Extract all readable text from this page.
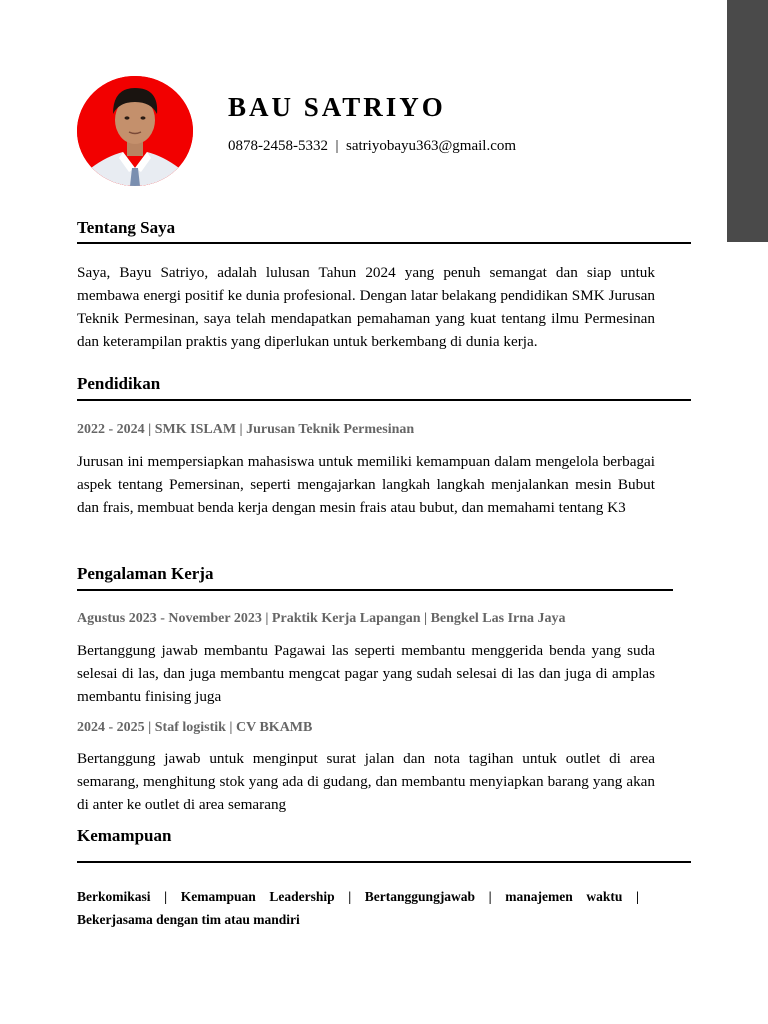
BAU SATRIYO
0878-2458-5332  |  satriyobayu363@gmail.com
Tentang Saya

Saya, Bayu Satriyo, adalah lulusan Tahun 2024 yang penuh semangat dan siap untuk membawa energi positif ke dunia profesional. Dengan latar belakang pendidikan SMK Jurusan Teknik Permesinan, saya telah mendapatkan pemahaman yang kuat tentang ilmu Permesinan dan keterampilan praktis yang diperlukan untuk berkembang di dunia kerja.

Pendidikan
2022 - 2024 | SMK ISLAM | Jurusan Teknik Permesinan

Jurusan ini mempersiapkan mahasiswa untuk memiliki kemampuan dalam mengelola berbagai aspek tentang Pemersinan, seperti mengajarkan langkah langkah menjalankan mesin Bubut dan frais, membuat benda kerja dengan mesin frais atau bubut, dan memahami tentang K3

Pengalaman Kerja
Agustus 2023 - November 2023 | Praktik Kerja Lapangan | Bengkel Las Irna Jaya

Bertanggung jawab membantu Pagawai las seperti membantu menggerida benda yang suda selesai di las, dan juga membantu mengcat pagar yang sudah selesai di las dan juga di amplas membantu finising juga

2024 - 2025 | Staf logistik | CV BKAMB

Bertanggung jawab untuk menginput surat jalan dan nota tagihan untuk outlet di area semarang, menghitung stok yang ada di gudang, dan membantu menyiapkan barang yang akan di anter ke outlet di area semarang

Kemampuan

Berkomikasi | Kemampuan Leadership | Bertanggungjawab | manajemen waktu |

Bekerjasama dengan tim atau mandiri
